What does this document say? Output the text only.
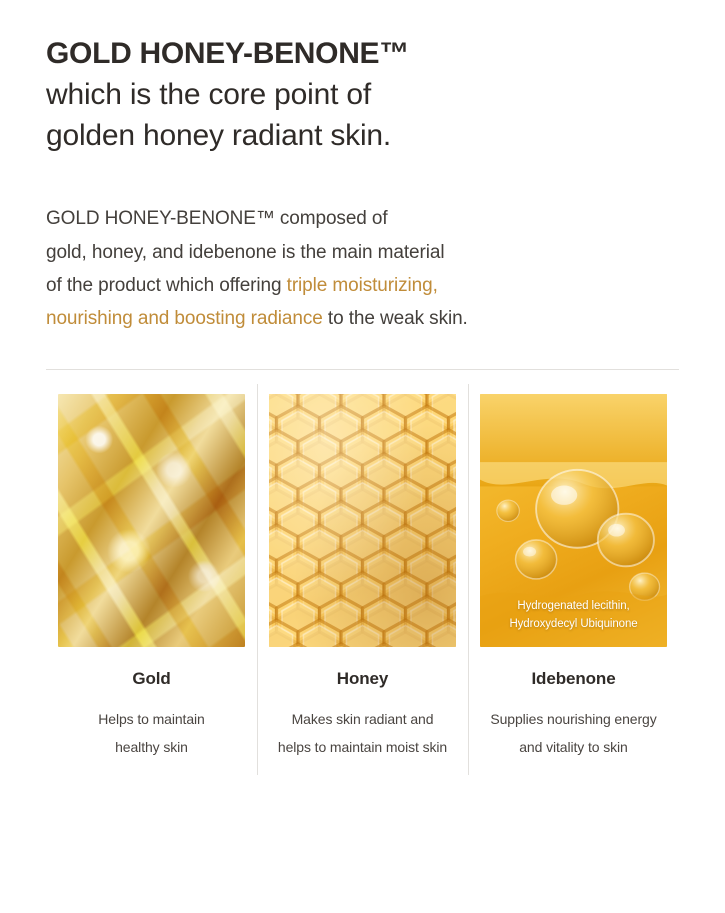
GOLD HONEY-BENONE™
which is the core point of
golden honey radiant skin.
GOLD HONEY-BENONE™ composed of
gold, honey, and idebenone is the main material
of the product which offering triple moisturizing,
nourishing and boosting radiance to the weak skin.
Hydrogenated lecithin,
Hydroxydecyl Ubiquinone
Gold
Helps to maintain
healthy skin
Honey
Makes skin radiant and
helps to maintain moist skin
Idebenone
Supplies nourishing energy
and vitality to skin
